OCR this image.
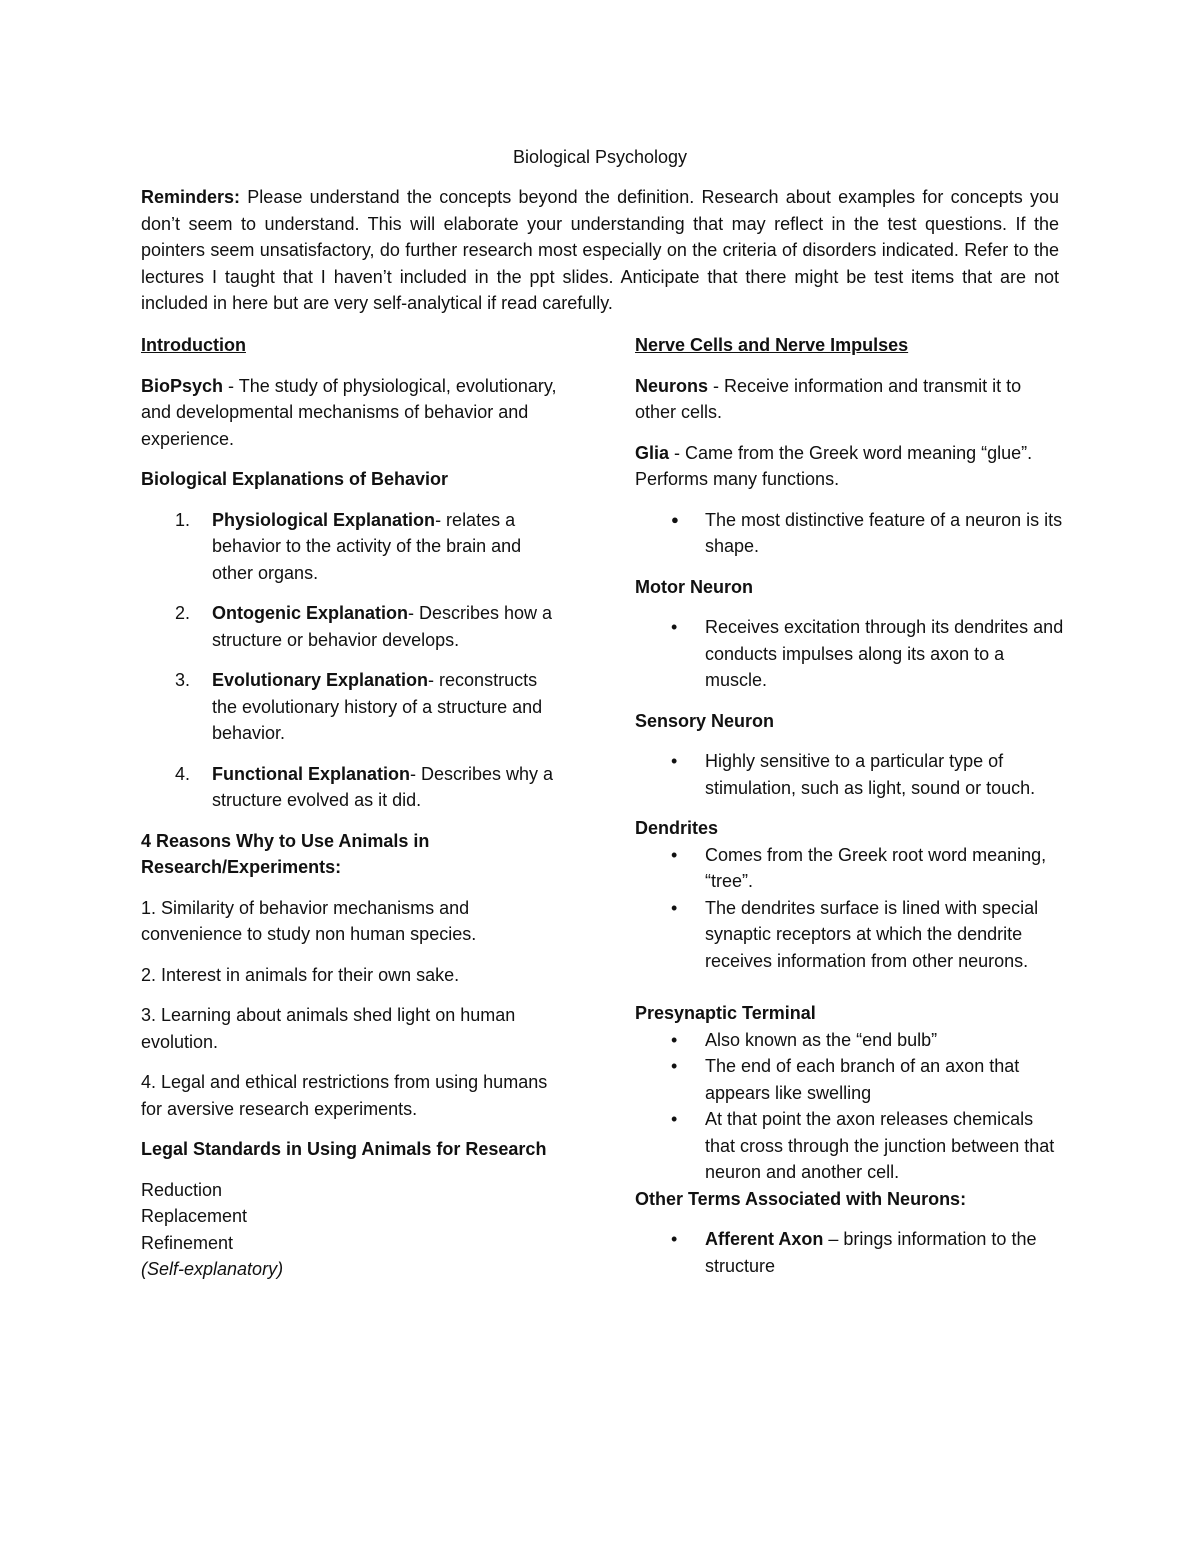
Biological Psychology

Reminders: Please understand the concepts beyond the definition. Research about examples for concepts you don’t seem to understand. This will elaborate your understanding that may reflect in the test questions. If the pointers seem unsatisfactory, do further research most especially on the criteria of disorders indicated. Refer to the lectures I taught that I haven’t included in the ppt slides. Anticipate that there might be test items that are not included in here but are very self-analytical if read carefully.

Introduction

BioPsych - The study of physiological, evolutionary, and developmental mechanisms of behavior and experience.

Biological Explanations of Behavior

1. Physiological Explanation- relates a behavior to the activity of the brain and other organs.
2. Ontogenic Explanation- Describes how a structure or behavior develops.
3. Evolutionary Explanation- reconstructs the evolutionary history of a structure and behavior.
4. Functional Explanation- Describes why a structure evolved as it did.

4 Reasons Why to Use Animals in Research/Experiments:

1. Similarity of behavior mechanisms and convenience to study non human species.

2. Interest in animals for their own sake.

3. Learning about animals shed light on human evolution.

4. Legal and ethical restrictions from using humans for aversive research experiments.

Legal Standards in Using Animals for Research

Reduction

Replacement

Refinement

(Self-explanatory)

Nerve Cells and Nerve Impulses

Neurons - Receive information and transmit it to other cells.

Glia - Came from the Greek word meaning “glue”. Performs many functions.

● The most distinctive feature of a neuron is its shape.

Motor Neuron

• Receives excitation through its dendrites and conducts impulses along its axon to a muscle.

Sensory Neuron

• Highly sensitive to a particular type of stimulation, such as light, sound or touch.

Dendrites

• Comes from the Greek root word meaning, “tree”.
• The dendrites surface is lined with special synaptic receptors at which the dendrite receives information from other neurons.

Presynaptic Terminal

• Also known as the “end bulb”
• The end of each branch of an axon that appears like swelling
• At that point the axon releases chemicals that cross through the junction between that neuron and another cell.

Other Terms Associated with Neurons:

• Afferent Axon – brings information to the structure
